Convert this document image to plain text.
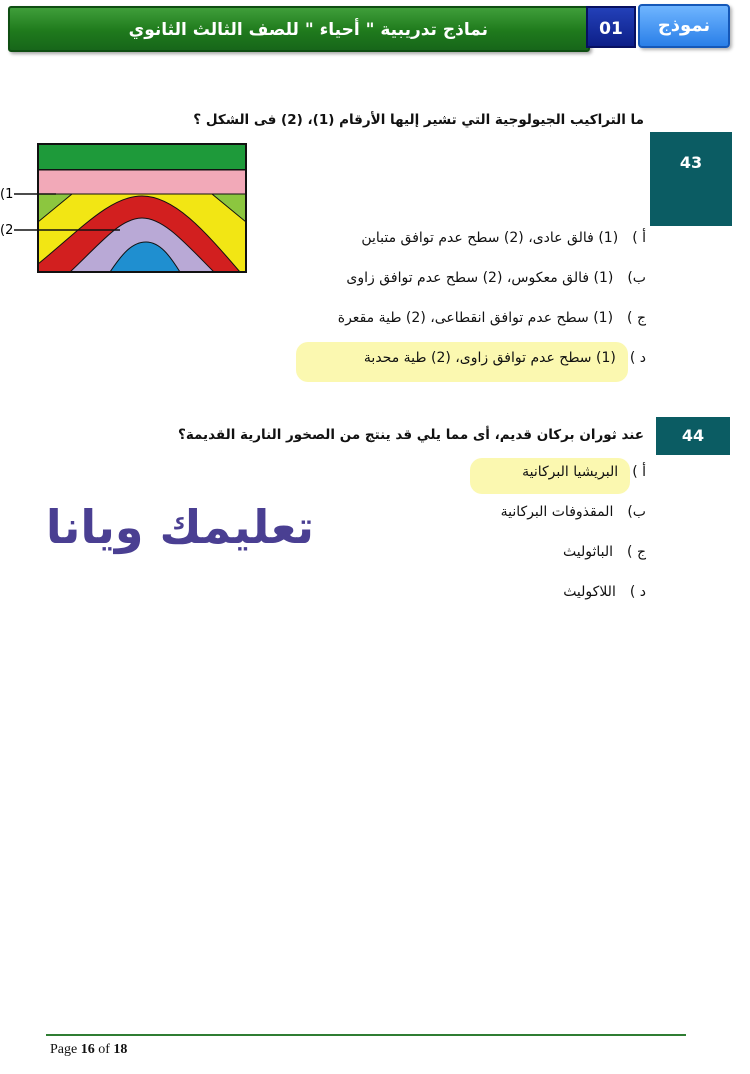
نماذج تدريبية " أحياء " للصف الثالث الثانوي	01	نموذج
43
ما التراكيب الجيولوجية التي تشير إليها الأرقام (1)، (2) فى الشكل ؟
(1
(2	أ )(1) فالق عادى، (2) سطح عدم توافق متباين
ب)(1) فالق معكوس، (2) سطح عدم توافق زاوى
ج )(1) سطح عدم توافق انقطاعى، (2) طية مقعرة
د )(1) سطح عدم توافق زاوى، (2) طية محدبة
44
عند ثوران بركان قديم، أى مما يلي قد ينتج من الصخور النارية القديمة؟
أ )البريشيا البركانية
ب)المقذوفات البركانية
ج )الباثوليث
د )اللاكوليث
تعليمك ويانا
Page 16 of 18
